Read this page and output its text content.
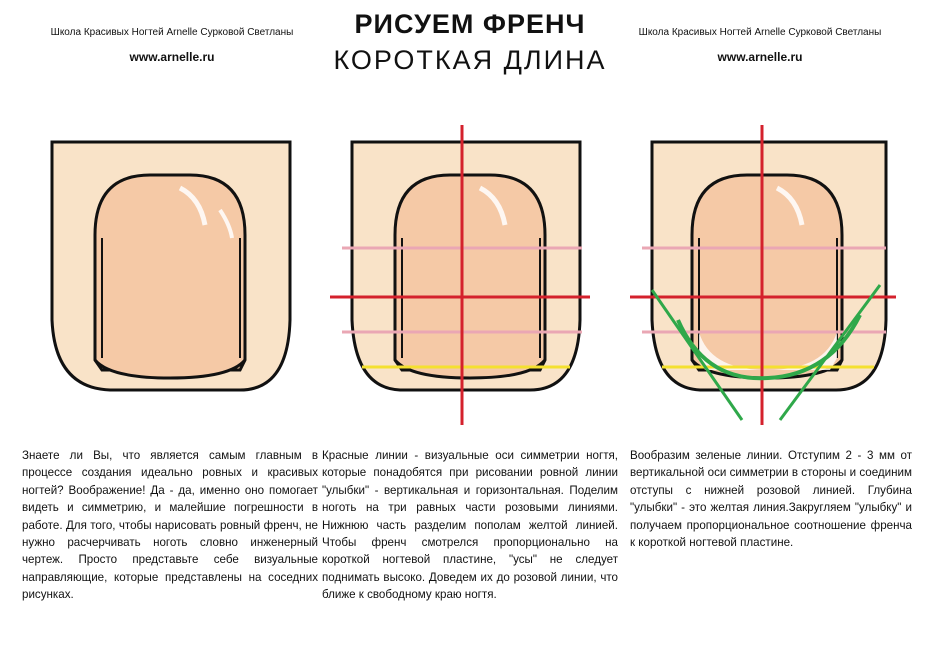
Школа Красивых Ногтей Arnelle Сурковой Светланы
www.arnelle.ru
РИСУЕМ ФРЕНЧ
КОРОТКАЯ ДЛИНА
Школа Красивых Ногтей Arnelle Сурковой Светланы
www.arnelle.ru
Знаете ли Вы, что является самым главным в процессе создания идеально ровных и красивых ногтей? Воображение! Да - да, именно оно помогает видеть и симметрию, и малейшие погрешности в работе. Для того, чтобы нарисовать ровный френч, не нужно расчерчивать ноготь словно инженерный чертеж. Просто представьте себе визуальные направляющие, которые представлены на соседних рисунках.
Красные линии - визуальные оси симметрии ногтя, которые понадобятся при рисовании ровной линии "улыбки" - вертикальная и горизонтальная. Поделим ноготь на три равных части розовыми линиями. Нижнюю часть разделим пополам желтой линией. Чтобы френч смотрелся пропорционально на короткой ногтевой пластине, "усы" не следует поднимать высоко. Доведем их до розовой линии, что ближе к свободному краю ногтя.
Вообразим зеленые линии. Отступим 2 - 3 мм от вертикальной оси симметрии в стороны и соединим отступы с нижней розовой линией. Глубина "улыбки" - это желтая линия.Закругляем "улыбку" и получаем пропорциональное соотношение френча к короткой ногтевой пластине.
